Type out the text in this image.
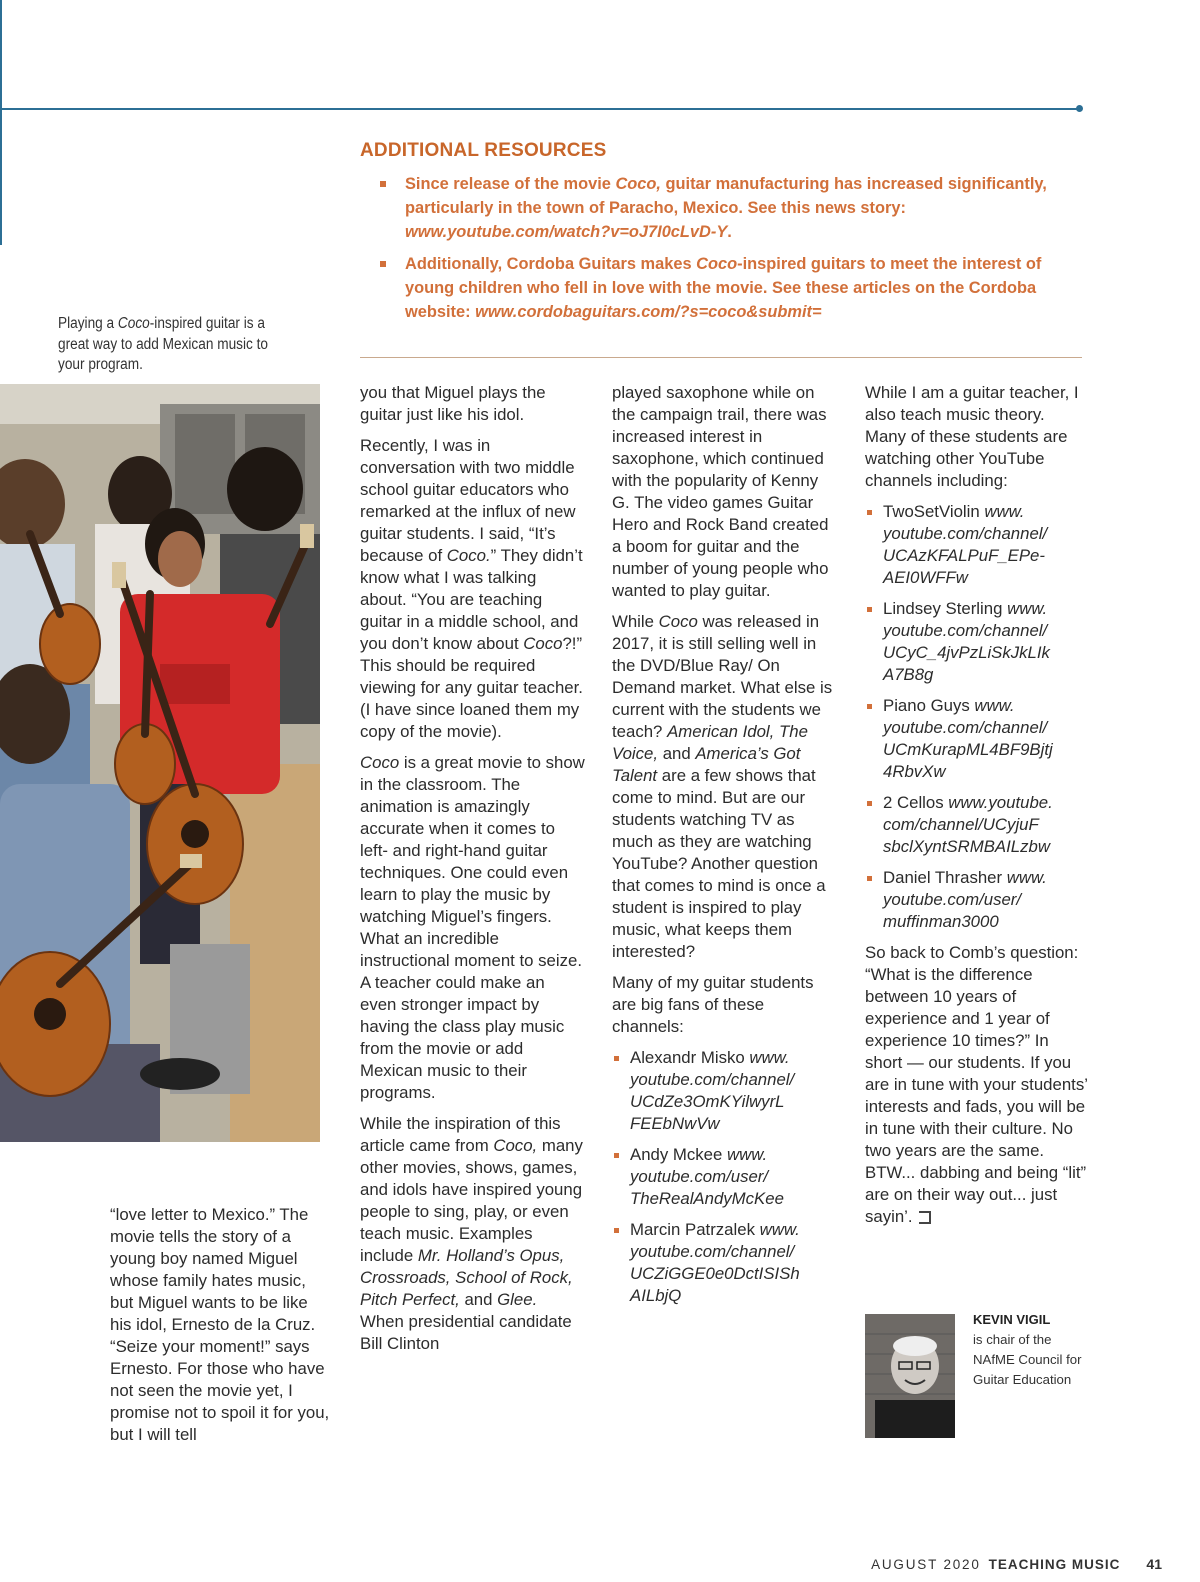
ADDITIONAL RESOURCES
Since release of the movie Coco, guitar manufacturing has increased significantly, particularly in the town of Paracho, Mexico. See this news story: www.youtube.com/watch?v=oJ7I0cLvD-Y.
Additionally, Cordoba Guitars makes Coco-inspired guitars to meet the interest of young children who fell in love with the movie. See these articles on the Cordoba website: www.cordobaguitars.com/?s=coco&submit=
Playing a Coco-inspired guitar is a great way to add Mexican music to your program.

“love letter to Mexico.” The movie tells the story of a young boy named Miguel whose family hates music, but Miguel wants to be like his idol, Ernesto de la Cruz. “Seize your moment!” says Ernesto. For those who have not seen the movie yet, I promise not to spoil it for you, but I will tell

you that Miguel plays the guitar just like his idol.

Recently, I was in conversation with two middle school guitar educators who remarked at the influx of new guitar students. I said, “It’s because of Coco.” They didn’t know what I was talking about. “You are teaching guitar in a middle school, and you don’t know about Coco?!” This should be required viewing for any guitar teacher. (I have since loaned them my copy of the movie).

Coco is a great movie to show in the classroom. The animation is amazingly accurate when it comes to left- and right-hand guitar techniques. One could even learn to play the music by watching Miguel’s fingers. What an incredible instructional moment to seize. A teacher could make an even stronger impact by having the class play music from the movie or add Mexican music to their programs.

While the inspiration of this article came from Coco, many other movies, shows, games, and idols have inspired young people to sing, play, or even teach music. Examples include Mr. Holland’s Opus, Crossroads, School of Rock, Pitch Perfect, and Glee. When presidential candidate Bill Clinton

played saxophone while on the campaign trail, there was increased interest in saxophone, which continued with the popularity of Kenny G. The video games Guitar Hero and Rock Band created a boom for guitar and the number of young people who wanted to play guitar.

While Coco was released in 2017, it is still selling well in the DVD/Blue Ray/ On Demand market. What else is current with the students we teach? American Idol, The Voice, and America’s Got Talent are a few shows that come to mind. But are our students watching TV as much as they are watching YouTube? Another question that comes to mind is once a student is inspired to play music, what keeps them interested?

Many of my guitar students are big fans of these channels:

Alexandr Misko www. youtube.com/channel/ UCdZe3OmKYilwyrL FEEbNwVw
Andy Mckee www. youtube.com/user/ TheRealAndyMcKee
Marcin Patrzalek www. youtube.com/channel/ UCZiGGE0e0DctISISh AILbjQ

While I am a guitar teacher, I also teach music theory. Many of these students are watching other YouTube channels including:

TwoSetViolin www. youtube.com/channel/ UCAzKFALPuF_EPe- AEI0WFFw
Lindsey Sterling www. youtube.com/channel/ UCyC_4jvPzLiSkJkLIk A7B8g
Piano Guys www. youtube.com/channel/ UCmKurapML4BF9Bjtj 4RbvXw
2 Cellos www.youtube. com/channel/UCyjuF sbclXyntSRMBAILzbw
Daniel Thrasher www. youtube.com/user/ muffinman3000

So back to Comb’s question: “What is the difference between 10 years of experience and 1 year of experience 10 times?” In short — our students. If you are in tune with your students’ interests and fads, you will be in tune with their culture. No two years are the same. BTW... dabbing and being “lit” are on their way out... just sayin’.

KEVIN VIGIL
is chair of the NAfME Council for Guitar Education
AUGUST 2020 TEACHING MUSIC 41
